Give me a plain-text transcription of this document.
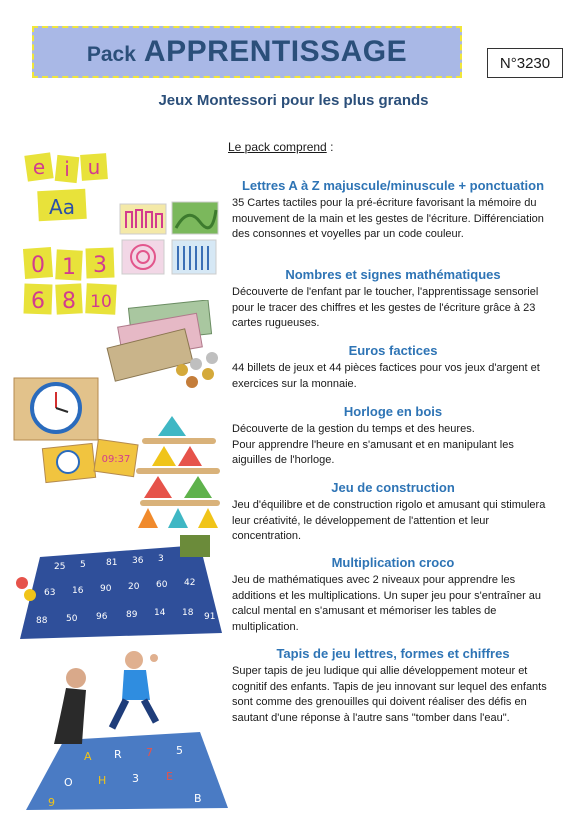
Pack APPRENTISSAGE	N°3230
Jeux Montessori pour les plus grands
Le pack comprend :
Lettres A à Z majuscule/minuscule + ponctuation

35 Cartes tactiles pour la pré-écriture favorisant la mémoire du mouvement de la main et les gestes de l'écriture. Différenciation des consonnes et voyelles par un code couleur.

Nombres et signes mathématiques

Découverte de l'enfant par le toucher, l'apprentissage sensoriel pour le tracer des chiffres et les gestes de l'écriture grâce à 23 cartes rugueuses.

Euros factices

44 billets de jeux et 44 pièces factices pour vos jeux d'argent et exercices sur la monnaie.

Horloge en bois

Découverte de la gestion du temps et des heures.
Pour apprendre l'heure en s'amusant et en manipulant les aiguilles de l'horloge.

Jeu de construction

Jeu d'équilibre et de construction rigolo et amusant qui stimulera leur créativité, le développement de l'attention et leur concentration.

Multiplication croco

Jeu de mathématiques avec 2 niveaux pour apprendre les additions et les multiplications. Un super jeu pour s'entraîner au calcul mental en s'amusant et mémoriser les tables de multiplication.

Tapis de jeu lettres, formes et chiffres

Super tapis de jeu ludique qui allie développement moteur et cognitif des enfants. Tapis de jeu innovant sur lequel des enfants sont comme des grenouilles qui doivent réaliser des défis en sautant d'une réponse à l'autre sans "tomber dans l'eau".

e i u
Aa
0 1 3
6 8 10
09:37
25 5 81 36 3
63 16 90 20 60 42
88 50 96 89 14 18 91
A R 7 5
O H 3 E
9	B
